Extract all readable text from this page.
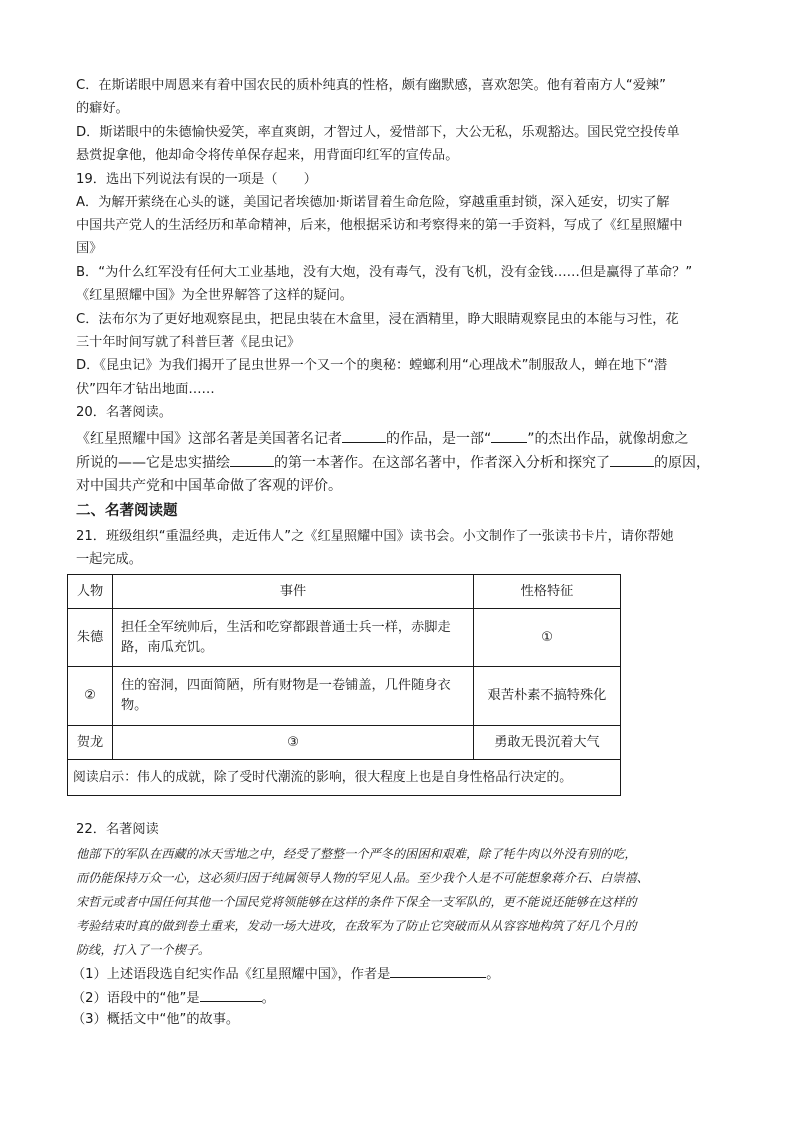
C．在斯诺眼中周恩来有着中国农民的质朴纯真的性格，颇有幽默感，喜欢恕笑。他有着南方人“爱辣”
的癖好。
D．斯诺眼中的朱德愉快爱笑，率直爽朗，才智过人，爱惜部下，大公无私，乐观豁达。国民党空投传单
悬赏捉拿他，他却命令将传单保存起来，用背面印红军的宣传品。
19．选出下列说法有误的一项是（　　）
A．为解开萦绕在心头的谜，美国记者埃德加·斯诺冒着生命危险，穿越重重封锁，深入延安，切实了解
中国共产党人的生活经历和革命精神，后来，他根据采访和考察得来的第一手资料，写成了《红星照耀中
国》
B．“为什么红军没有任何大工业基地，没有大炮，没有毒气，没有飞机，没有金钱……但是赢得了革命？”
《红星照耀中国》为全世界解答了这样的疑问。
C．法布尔为了更好地观察昆虫，把昆虫装在木盒里，浸在酒精里，睁大眼睛观察昆虫的本能与习性，花
三十年时间写就了科普巨著《昆虫记》
D．《昆虫记》为我们揭开了昆虫世界一个又一个的奥秘：螳螂利用“心理战术”制服敌人，蝉在地下“潜
伏”四年才钻出地面……
20．名著阅读。
《红星照耀中国》这部名著是美国著名记者	的作品，是一部“	”的杰出作品，就像胡愈之
所说的——它是忠实描绘	的第一本著作。在这部名著中，作者深入分析和探究了	的原因，
对中国共产党和中国革命做了客观的评价。
二、名著阅读题
21．班级组织“重温经典，走近伟人”之《红星照耀中国》读书会。小文制作了一张读书卡片，请你帮她
一起完成。
人物	事件	性格特征
朱德	担任全军统帅后，生活和吃穿都跟普通士兵一样，赤脚走
路，南瓜充饥。	①
②	住的窑洞，四面简陋，所有财物是一卷铺盖，几件随身衣
物。	艰苦朴素不搞特殊化
贺龙	③	勇敢无畏沉着大气
阅读启示：伟人的成就，除了受时代潮流的影响，很大程度上也是自身性格品行决定的。		
22．名著阅读
他部下的军队在西藏的冰天雪地之中，经受了整整一个严冬的困困和艰难，除了牦牛肉以外没有别的吃，
而仍能保持万众一心，这必须归因于纯属领导人物的罕见人品。至少我个人是不可能想象蒋介石、白崇禧、
宋哲元或者中国任何其他一个国民党将领能够在这样的条件下保全一支军队的，更不能说还能够在这样的
考验结束时真的做到卷土重来，发动一场大进攻，在敌军为了防止它突破而从从容容地构筑了好几个月的
防线，打入了一个楔子。
（1）上述语段选自纪实作品《红星照耀中国》，作者是	。
（2）语段中的“他”是	。
（3）概括文中“他”的故事。
